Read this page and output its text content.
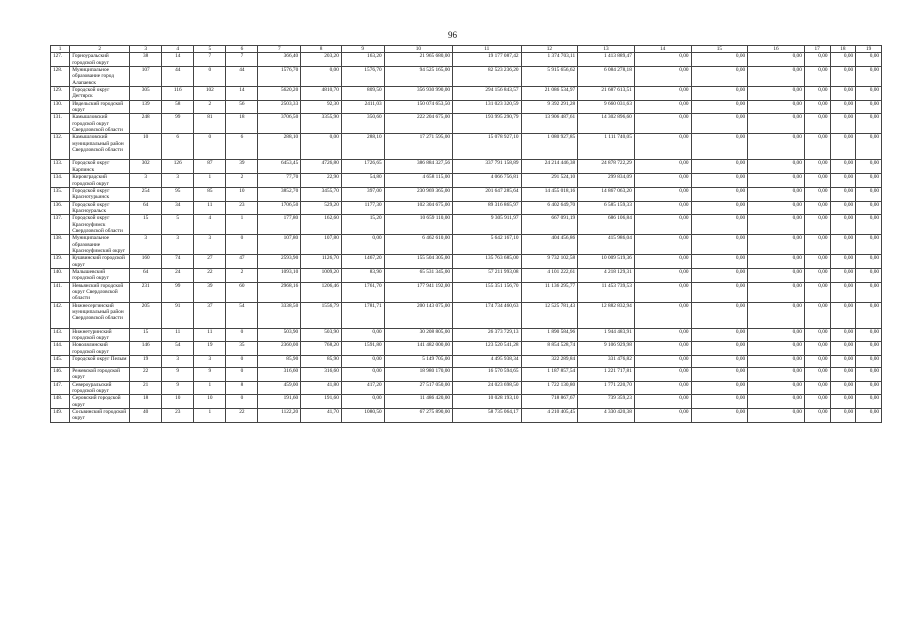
96
1	2	3	4	5	6	7	8	9	10	11	12	13	14	15	16	17	18	19
127.	Горноуральский городской округ	38	14	7	7	366,40	203,20	163,20	21 965 680,00	19 177 087,42	1 374 703,11	1 413 889,47	0,00	0,00	0,00	0,00	0,00	0,00
128.	Муниципальное образование город Алапаевск	107	44	0	44	1576,70	0,00	1576,70	94 525 165,00	82 523 236,20	5 915 656,62	6 084 278,18	0,00	0,00	0,00	0,00	0,00	0,00
129.	Городской округ Дегтярск	305	116	102	14	5620,20	4810,70	809,50	356 930 990,00	294 156 843,57	21 086 534,97	21 687 613,51	0,00	0,00	0,00	0,00	0,00	0,00
130.	Ивдельский городской округ	139	58	2	56	2503,33	92,30	2411,03	150 074 653,50	131 023 320,59	9 392 291,28	9 660 031,63	0,00	0,00	0,00	0,00	0,00	0,00
131.	Камышловский городской округ Свердловской области	248	99	81	18	3706,50	3355,90	350,60	222 204 675,00	193 995 290,79	13 906 487,61	14 302 896,60	0,00	0,00	0,00	0,00	0,00	0,00
132.	Камышловский муниципальный район Свердловской области	10	6	0	6	288,10	0,00	288,10	17 271 595,00	15 078 927,10	1 080 927,85	1 111 740,05	0,00	0,00	0,00	0,00	0,00	0,00
133.	Городской округ Карпинск	302	126	87	39	6453,45	4726,80	1726,65	386 884 327,56	337 791 158,89	24 214 446,38	24 878 722,29	0,00	0,00	0,00	0,00	0,00	0,00
134.	Кировградский городской округ	3	3	1	2	77,70	22,90	54,80	4 658 115,00	4 066 756,81	291 524,10	299 834,09	0,00	0,00	0,00	0,00	0,00	0,00
135.	Городской округ Краснотурьинск	254	95	85	10	3852,70	3455,70	397,00	230 969 365,00	201 647 285,64	14 455 018,16	14 867 063,20	0,00	0,00	0,00	0,00	0,00	0,00
136.	Городской округ Красноуральск	64	34	11	23	1706,50	529,20	1177,30	102 304 675,00	89 316 865,97	6 402 649,70	6 585 159,33	0,00	0,00	0,00	0,00	0,00	0,00
137.	Городской округ Красноуфимск Свердловской области	15	5	4	1	177,80	162,60	15,20	10 659 110,00	9 305 911,97	667 091,19	686 106,84	0,00	0,00	0,00	0,00	0,00	0,00
138.	Муниципальное образование Красноуфимский округ	3	3	3	0	107,80	107,80	0,00	6 462 610,00	5 642 167,10	404 456,86	415 986,04	0,00	0,00	0,00	0,00	0,00	0,00
139.	Кушвинский городской округ	160	74	27	47	2593,90	1126,70	1467,20	155 504 305,00	135 763 685,00	9 732 102,58	10 009 519,36	0,00	0,00	0,00	0,00	0,00	0,00
140.	Малышевский городской округ	64	24	22	2	1093,10	1009,20	83,90	65 531 345,00	57 211 993,08	4 101 222,61	4 218 129,31	0,00	0,00	0,00	0,00	0,00	0,00
141.	Невьянский городской округ Свердловской области	231	99	39	60	2968,16	1206,46	1761,70	177 941 192,00	155 351 156,70	11 136 295,77	11 453 739,53	0,00	0,00	0,00	0,00	0,00	0,00
142.	Нижнесергинский муниципальный район Свердловской области	205	91	37	54	3338,50	1556,79	1781,71	200 143 075,00	174 734 460,63	12 525 781,43	12 882 832,94	0,00	0,00	0,00	0,00	0,00	0,00
143.	Нижнетуринский городской округ	15	11	11	0	503,90	503,90	0,00	30 208 805,00	26 373 729,13	1 890 584,96	1 944 483,91	0,00	0,00	0,00	0,00	0,00	0,00
144.	Новолялинский городской округ	146	54	19	35	2360,00	768,20	1591,80	141 482 000,00	123 520 541,28	8 854 528,74	9 106 929,98	0,00	0,00	0,00	0,00	0,00	0,00
145.	Городской округ Пелым	19	3	3	0	85,90	85,90	0,00	5 149 705,00	4 495 938,34	322 289,84	331 476,82	0,00	0,00	0,00	0,00	0,00	0,00
146.	Режевской городской округ	22	9	9	0	316,60	316,60	0,00	18 980 170,00	16 570 594,65	1 187 857,54	1 221 717,81	0,00	0,00	0,00	0,00	0,00	0,00
147.	Североуральский городской округ	21	9	1	8	459,00	41,80	417,20	27 517 050,00	24 023 698,50	1 722 130,80	1 771 220,70	0,00	0,00	0,00	0,00	0,00	0,00
148.	Серовский городской округ	18	10	10	0	191,60	191,60	0,00	11 486 420,00	10 028 193,10	718 867,67	739 359,23	0,00	0,00	0,00	0,00	0,00	0,00
149.	Сосьвинский городской округ	40	23	1	22	1122,20	41,70	1080,50	67 275 890,00	58 735 064,17	4 210 405,45	4 330 420,38	0,00	0,00	0,00	0,00	0,00	0,00
